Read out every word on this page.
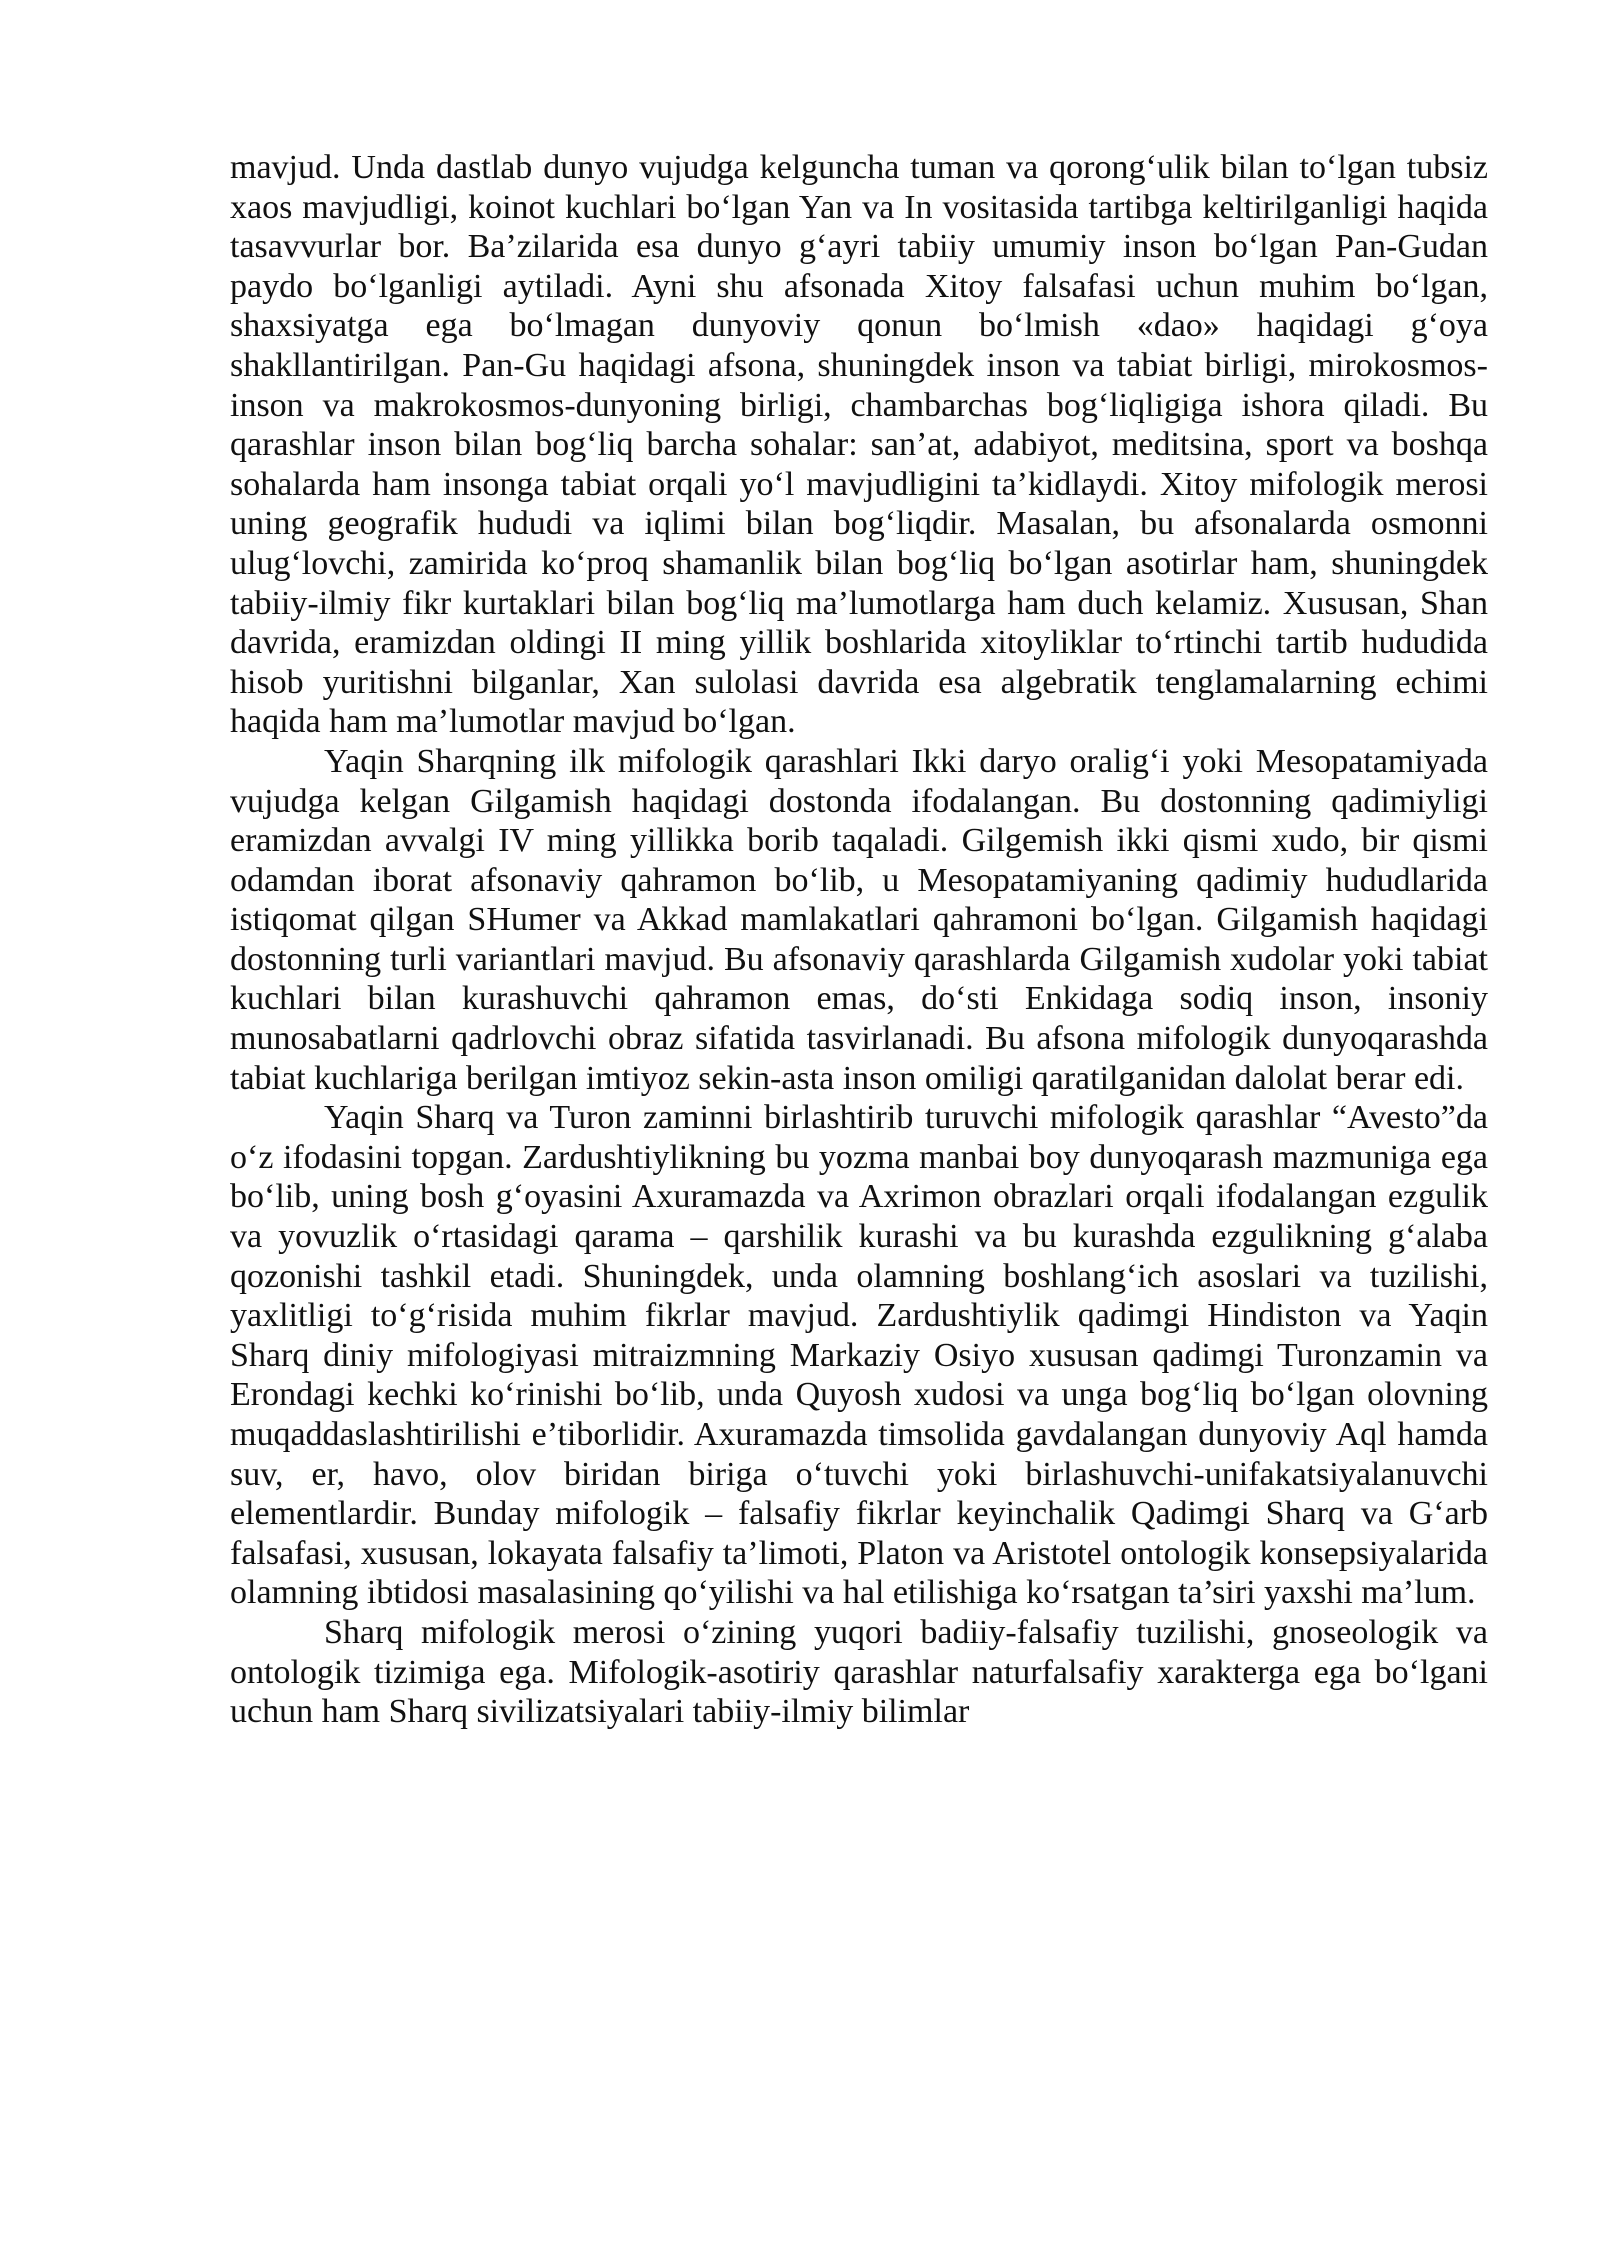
mavjud. Unda dastlab dunyo vujudga kelguncha tuman va qorong‘ulik bilan to‘lgan tubsiz xaos mavjudligi, koinot kuchlari bo‘lgan Yan va In vositasida tartibga keltirilganligi haqida tasavvurlar bor. Ba’zilarida esa dunyo g‘ayri tabiiy umumiy inson bo‘lgan Pan-Gudan paydo bo‘lganligi aytiladi. Ayni shu afsonada Xitoy falsafasi uchun muhim bo‘lgan, shaxsiyatga ega bo‘lmagan dunyoviy qonun bo‘lmish «dao» haqidagi g‘oya shakllantirilgan. Pan-Gu haqidagi afsona, shuningdek inson va tabiat birligi, mirokosmos-inson va makrokosmos-dunyoning birligi, chambarchas bog‘liqligiga ishora qiladi. Bu qarashlar inson bilan bog‘liq barcha sohalar: san’at, adabiyot, meditsina, sport va boshqa sohalarda ham insonga tabiat orqali yo‘l mavjudligini ta’kidlaydi. Xitoy mifologik merosi uning geografik hududi va iqlimi bilan bog‘liqdir. Masalan, bu afsonalarda osmonni ulug‘lovchi, zamirida ko‘proq shamanlik bilan bog‘liq bo‘lgan asotirlar ham, shuningdek tabiiy-ilmiy fikr kurtaklari bilan bog‘liq ma’lumotlarga ham duch kelamiz. Xususan, Shan davrida, eramizdan oldingi II ming yillik boshlarida xitoyliklar to‘rtinchi tartib hududida hisob yuritishni bilganlar, Xan sulolasi davrida esa algebratik tenglamalarning echimi haqida ham ma’lumotlar mavjud bo‘lgan.

Yaqin Sharqning ilk mifologik qarashlari Ikki daryo oralig‘i yoki Mesopatamiyada vujudga kelgan Gilgamish haqidagi dostonda ifodalangan. Bu dostonning qadimiyligi eramizdan avvalgi IV ming yillikka borib taqaladi. Gilgemish ikki qismi xudo, bir qismi odamdan iborat afsonaviy qahramon bo‘lib, u Mesopatamiyaning qadimiy hududlarida istiqomat qilgan SHumer va Akkad mamlakatlari qahramoni bo‘lgan. Gilgamish haqidagi dostonning turli variantlari mavjud. Bu afsonaviy qarashlarda Gilgamish xudolar yoki tabiat kuchlari bilan kurashuvchi qahramon emas, do‘sti Enkidaga sodiq inson, insoniy munosabatlarni qadrlovchi obraz sifatida tasvirlanadi. Bu afsona mifologik dunyoqarashda tabiat kuchlariga berilgan imtiyoz sekin-asta inson omiligi qaratilganidan dalolat berar edi.

Yaqin Sharq va Turon zaminni birlashtirib turuvchi mifologik qarashlar “Avesto”da o‘z ifodasini topgan. Zardushtiylikning bu yozma manbai boy dunyoqarash mazmuniga ega bo‘lib, uning bosh g‘oyasini Axuramazda va Axrimon obrazlari orqali ifodalangan ezgulik va yovuzlik o‘rtasidagi qarama – qarshilik kurashi va bu kurashda ezgulikning g‘alaba qozonishi tashkil etadi. Shuningdek, unda olamning boshlang‘ich asoslari va tuzilishi, yaxlitligi to‘g‘risida muhim fikrlar mavjud. Zardushtiylik qadimgi Hindiston va Yaqin Sharq diniy mifologiyasi mitraizmning Markaziy Osiyo xususan qadimgi Turonzamin va Erondagi kechki ko‘rinishi bo‘lib, unda Quyosh xudosi va unga bog‘liq bo‘lgan olovning muqaddaslashtirilishi e’tiborlidir. Axuramazda timsolida gavdalangan dunyoviy Aql hamda suv, er, havo, olov biridan biriga o‘tuvchi yoki birlashuvchi-unifakatsiyalanuvchi elementlardir. Bunday mifologik – falsafiy fikrlar keyinchalik Qadimgi Sharq va G‘arb falsafasi, xususan, lokayata falsafiy ta’limoti, Platon va Aristotel ontologik konsepsiyalarida olamning ibtidosi masalasining qo‘yilishi va hal etilishiga ko‘rsatgan ta’siri yaxshi ma’lum.

Sharq mifologik merosi o‘zining yuqori badiiy-falsafiy tuzilishi, gnoseologik va ontologik tizimiga ega. Mifologik-asotiriy qarashlar naturfalsafiy xarakterga ega bo‘lgani uchun ham Sharq sivilizatsiyalari tabiiy-ilmiy bilimlar
